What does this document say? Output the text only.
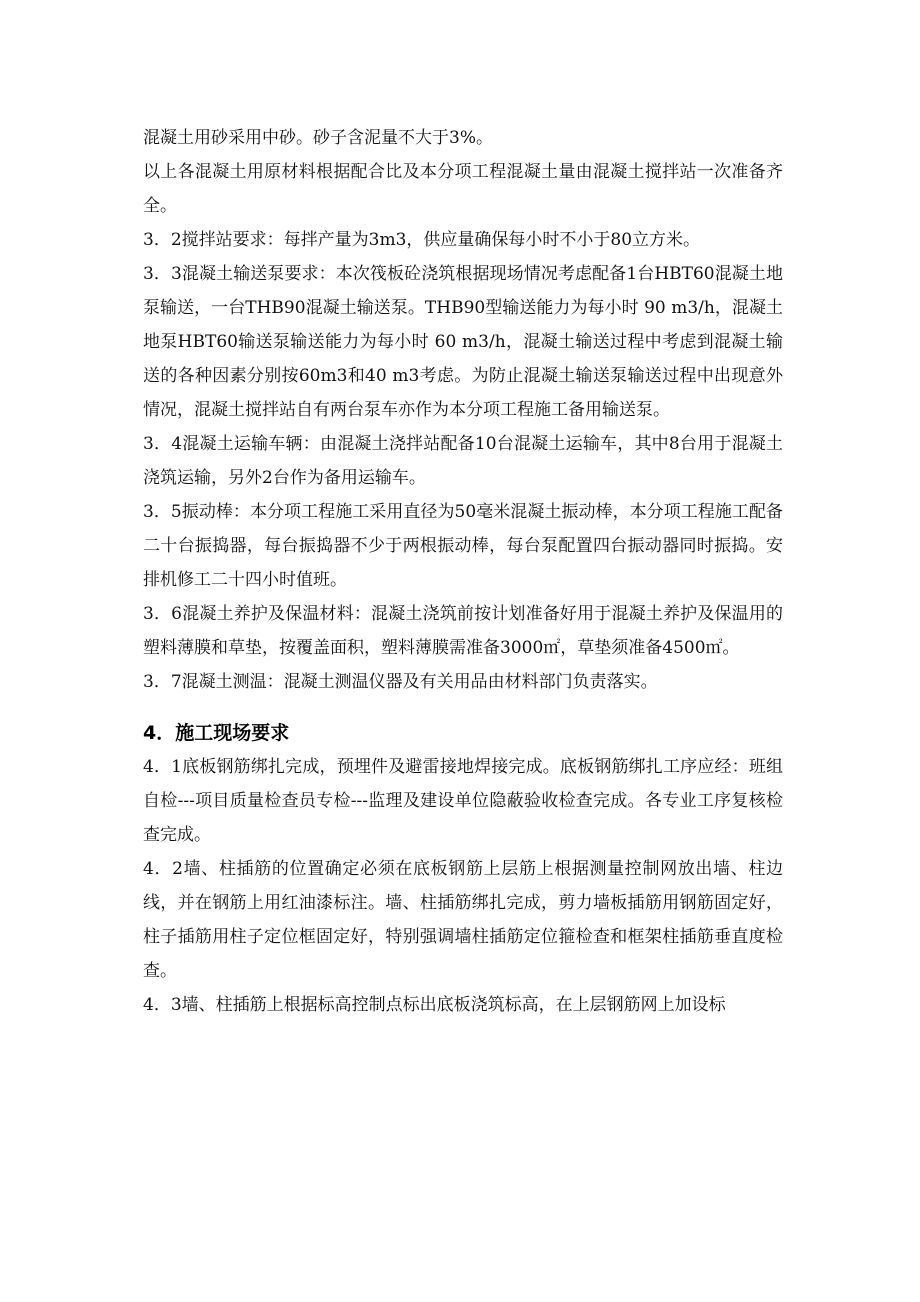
混凝土用砂采用中砂。砂子含泥量不大于3%。

以上各混凝土用原材料根据配合比及本分项工程混凝土量由混凝土搅拌站一次准备齐全。

3．2搅拌站要求：每拌产量为3m3，供应量确保每小时不小于80立方米。

3．3混凝土输送泵要求：本次筏板砼浇筑根据现场情况考虑配备1台HBT60混凝土地泵输送，一台THB90混凝土输送泵。THB90型输送能力为每小时 90 m3/h，混凝土地泵HBT60输送泵输送能力为每小时 60 m3/h，混凝土输送过程中考虑到混凝土输送的各种因素分别按60m3和40 m3考虑。为防止混凝土输送泵输送过程中出现意外情况，混凝土搅拌站自有两台泵车亦作为本分项工程施工备用输送泵。

3．4混凝土运输车辆：由混凝土浇拌站配备10台混凝土运输车，其中8台用于混凝土浇筑运输，另外2台作为备用运输车。

3．5振动棒：本分项工程施工采用直径为50毫米混凝土振动棒，本分项工程施工配备二十台振捣器，每台振捣器不少于两根振动棒，每台泵配置四台振动器同时振捣。安排机修工二十四小时值班。

3．6混凝土养护及保温材料：混凝土浇筑前按计划准备好用于混凝土养护及保温用的塑料薄膜和草垫，按覆盖面积，塑料薄膜需准备3000㎡，草垫须准备4500㎡。

3．7混凝土测温：混凝土测温仪器及有关用品由材料部门负责落实。

4．施工现场要求

4．1底板钢筋绑扎完成，预埋件及避雷接地焊接完成。底板钢筋绑扎工序应经：班组自检---项目质量检查员专检---监理及建设单位隐蔽验收检查完成。各专业工序复核检查完成。

4．2墙、柱插筋的位置确定必须在底板钢筋上层筋上根据测量控制网放出墙、柱边线，并在钢筋上用红油漆标注。墙、柱插筋绑扎完成，剪力墙板插筋用钢筋固定好，柱子插筋用柱子定位框固定好，特别强调墙柱插筋定位箍检查和框架柱插筋垂直度检查。

4．3墙、柱插筋上根据标高控制点标出底板浇筑标高，在上层钢筋网上加设标
